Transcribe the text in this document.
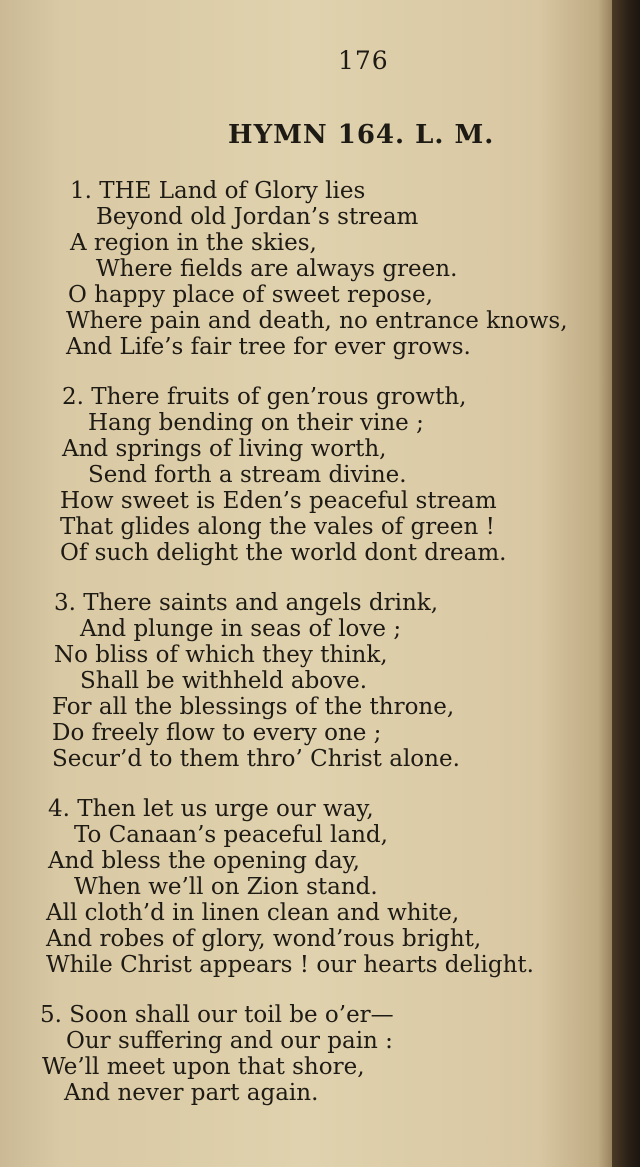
176
HYMN 164. L. M.
1. THE Land of Glory lies
Beyond old Jordan’s stream
A region in the skies,
Where fields are always green.
O happy place of sweet repose,
Where pain and death, no entrance knows,
And Life’s fair tree for ever grows.
2. There fruits of gen’rous growth,
Hang bending on their vine ;
And springs of living worth,
Send forth a stream divine.
How sweet is Eden’s peaceful stream
That glides along the vales of green !
Of such delight the world dont dream.
3. There saints and angels drink,
And plunge in seas of love ;
No bliss of which they think,
Shall be withheld above.
For all the blessings of the throne,
Do freely flow to every one ;
Secur’d to them thro’ Christ alone.
4. Then let us urge our way,
To Canaan’s peaceful land,
And bless the opening day,
When we’ll on Zion stand.
All cloth’d in linen clean and white,
And robes of glory, wond’rous bright,
While Christ appears ! our hearts delight.
5. Soon shall our toil be o’er—
Our suffering and our pain :
We’ll meet upon that shore,
And never part again.
